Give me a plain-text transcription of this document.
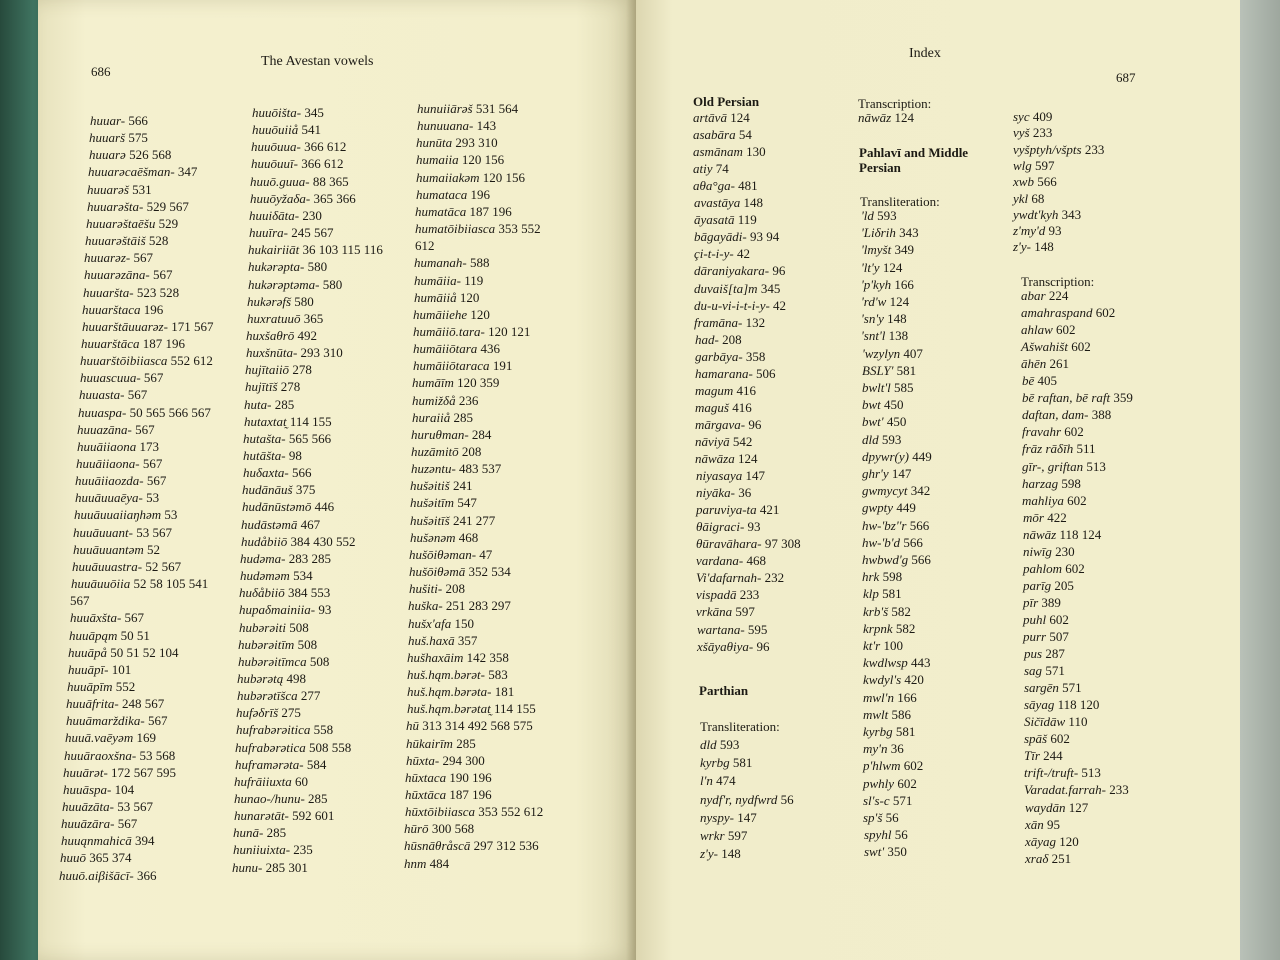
686
The Avestan vowels
huuar- 566
huuarš 575
huuarə 526 568
huuarəcaēšman- 347
huuarəš 531
huuarəšta- 529 567
huuarəštaēšu 529
huuarəštāiš 528
huuarəz- 567
huuarəzāna- 567
huuaršta- 523 528
huuarštaca 196
huuarštāuuarəz- 171 567
huuarštāca 187 196
huuarštōibiiasca 552 612
huuascuua- 567
huuasta- 567
huuaspa- 50 565 566 567
huuazāna- 567
huuāiiaona 173
huuāiiaona- 567
huuāiiaozda- 567
huuāuuaēya- 53
huuāuuaiiaŋhəm 53
huuāuuant- 53 567
huuāuuantəm 52
huuāuuastra- 52 567
huuāuuōiia 52 58 105 541
567
huuāxšta- 567
huuāpąm 50 51
huuāpå 50 51 52 104
huuāpī- 101
huuāpīm 552
huuāfrita- 248 567
huuāmarždika- 567
huuā.vaēyəm 169
huuāraoxšna- 53 568
huuārət- 172 567 595
huuāspa- 104
huuāzāta- 53 567
huuāzāra- 567
huuąnmahicā 394
huuō 365 374
huuō.aiβišācī- 366
huuōišta- 345
huuōuiiå 541
huuōuua- 366 612
huuōuuī- 366 612
huuō.guua- 88 365
huuōyžaδa- 365 366
huuiδāta- 230
huuīra- 245 567
hukairiiāt 36 103 115 116
hukərəpta- 580
hukərəptəma- 580
hukərəfš 580
huxratuuō 365
huxšaθrō 492
huxšnūta- 293 310
hujītaiiō 278
hujītīš 278
huta- 285
hutaxtat̰ 114 155
hutašta- 565 566
hutāšta- 98
huδaxta- 566
hudānāuš 375
hudānūstəmō 446
hudāstəmā 467
hudåbiiō 384 430 552
hudəma- 283 285
hudəməm 534
huδåbiiō 384 553
hupaδmainiia- 93
hubərəiti 508
hubərəitīm 508
hubərəitīmca 508
hubərətą 498
hubərətīšca 277
hufəδrīš 275
hufrabərəitica 558
hufrabərətica 508 558
huframərəta- 584
hufrāiiuxta 60
hunao-/hunu- 285
hunarətāt- 592 601
hunā- 285
huniiuixta- 235
hunu- 285 301
hunuiiārəš 531 564
hunuuana- 143
hunūta 293 310
humaiia 120 156
humaiiakəm 120 156
humataca 196
humatāca 187 196
humatōibiiasca 353 552
612
humanah- 588
humāiia- 119
humāiiå 120
humāiiehe 120
humāiiō.tara- 120 121
humāiiōtara 436
humāiiōtaraca 191
humāīm 120 359
humižδå 236
huraiiå 285
huruθman- 284
huzāmitō 208
huzəntu- 483 537
hušəitiš 241
hušəitīm 547
hušəitīš 241 277
hušənəm 468
hušōiθəman- 47
hušōiθəmā 352 534
hušiti- 208
huška- 251 283 297
hušx'afa 150
huš.haxā 357
hušhaxāim 142 358
huš.hąm.bərət- 583
huš.hąm.bərəta- 181
huš.hąm.bərətat̰ 114 155
hū 313 314 492 568 575
hūkairīm 285
hūxta- 294 300
hūxtaca 190 196
hūxtāca 187 196
hūxtōibiiasca 353 552 612
hūrō 300 568
hūsnāθråscā 297 312 536
hnm 484
Index
687
Old Persian
artāvā 124
asabāra 54
asmānam 130
atiy 74
aθa°ga- 481
avastāya 148
āyasatā 119
bāgayādi- 93 94
çi-t-i-y- 42
dāraniyakara- 96
duvaiš[ta]m 345
du-u-vi-i-t-i-y- 42
framāna- 132
had- 208
garbāya- 358
hamarana- 506
magum 416
maguš 416
mārgava- 96
nāviyā 542
nāwāza 124
niyasaya 147
niyāka- 36
paruviya-ta 421
θāigraci- 93
θūravāhara- 97 308
vardana- 468
Vi'dafarnah- 232
vispadā 233
vrkāna 597
wartana- 595
xšāyaθiya- 96
Parthian
Transliteration:
dld 593
kyrbg 581
l'n 474
nydf'r, nydfwrd 56
nyspy- 147
wrkr 597
z'y- 148
Transcription:
nāwāz 124
Pahlavī and Middle
Persian
Transliteration:
'ld 593
'Liδrih 343
'lmyšt 349
'lt'y 124
'p'kyh 166
'rd'w 124
'sn'y 148
'snt'l 138
'wzylyn 407
BSLY' 581
bwlt'l 585
bwt 450
bwt' 450
dld 593
dpywr(y) 449
ghr'y 147
gwmycyt 342
gwpty 449
hw-'bz''r 566
hw-'b'd 566
hwbwd'g 566
hrk 598
klp 581
krb'š 582
krpnk 582
kt'r 100
kwdlwsp 443
kwdyl's 420
mwl'n 166
mwlt 586
kyrbg 581
my'n 36
p'hlwm 602
pwhly 602
sl's-c 571
sp'š 56
spyhl 56
swt' 350
syc 409
vyš 233
vyšptyh/všpts 233
wlg 597
xwb 566
ykl 68
ywdt'kyh 343
z'my'd 93
z'y- 148
Transcription:
abar 224
amahraspand 602
ahlaw 602
Ašwahišt 602
āhēn 261
bē 405
bē raftan, bē raft 359
daftan, dam- 388
fravahr 602
frāz rāδīh 511
gīr-, griftan 513
harzag 598
mahliya 602
mōr 422
nāwāz 118 124
niwīg 230
pahlom 602
parīg 205
pīr 389
puhl 602
purr 507
pus 287
sag 571
sargēn 571
sāyag 118 120
Sičīdāw 110
spāš 602
Tīr 244
trift-/truft- 513
Varadat.farrah- 233
waydān 127
xān 95
xāyag 120
xraδ 251
